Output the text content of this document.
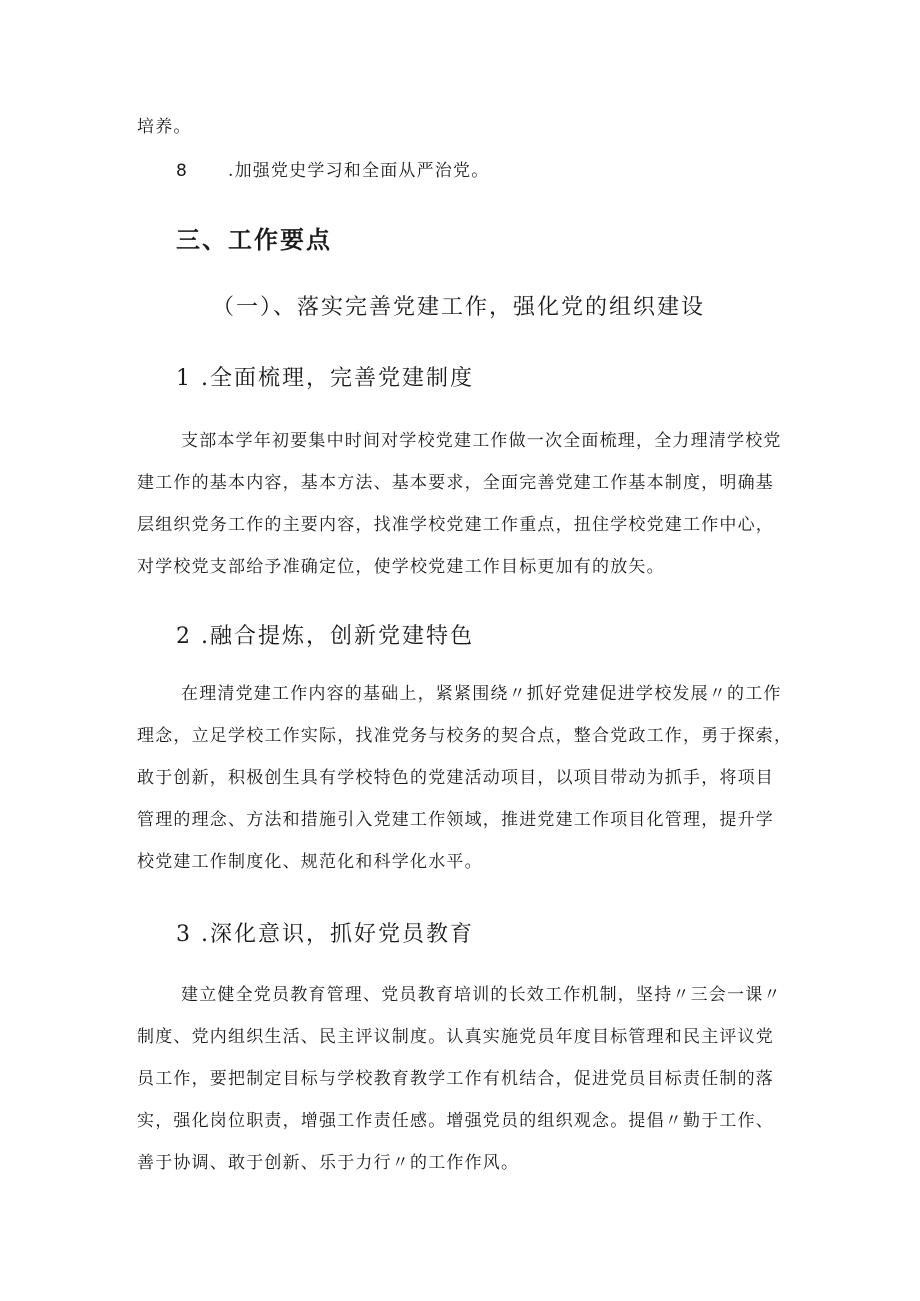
培养。
8 .加强党史学习和全面从严治党。
三、工作要点
（一）、落实完善党建工作，强化党的组织建设
1 .全面梳理，完善党建制度
支部本学年初要集中时间对学校党建工作做一次全面梳理，全力理清学校党
建工作的基本内容，基本方法、基本要求，全面完善党建工作基本制度，明确基
层组织党务工作的主要内容，找准学校党建工作重点，扭住学校党建工作中心，
对学校党支部给予准确定位，使学校党建工作目标更加有的放矢。
2 .融合提炼，创新党建特色
在理清党建工作内容的基础上，紧紧围绕〃抓好党建促进学校发展〃的工作
理念，立足学校工作实际，找准党务与校务的契合点，整合党政工作，勇于探索，
敢于创新，积极创生具有学校特色的党建活动项目，以项目带动为抓手，将项目
管理的理念、方法和措施引入党建工作领域，推进党建工作项目化管理，提升学
校党建工作制度化、规范化和科学化水平。
3 .深化意识，抓好党员教育
建立健全党员教育管理、党员教育培训的长效工作机制，坚持〃三会一课〃
制度、党内组织生活、民主评议制度。认真实施党员年度目标管理和民主评议党
员工作，要把制定目标与学校教育教学工作有机结合，促进党员目标责任制的落
实，强化岗位职责，增强工作责任感。增强党员的组织观念。提倡〃勤于工作、
善于协调、敢于创新、乐于力行〃的工作作风。
